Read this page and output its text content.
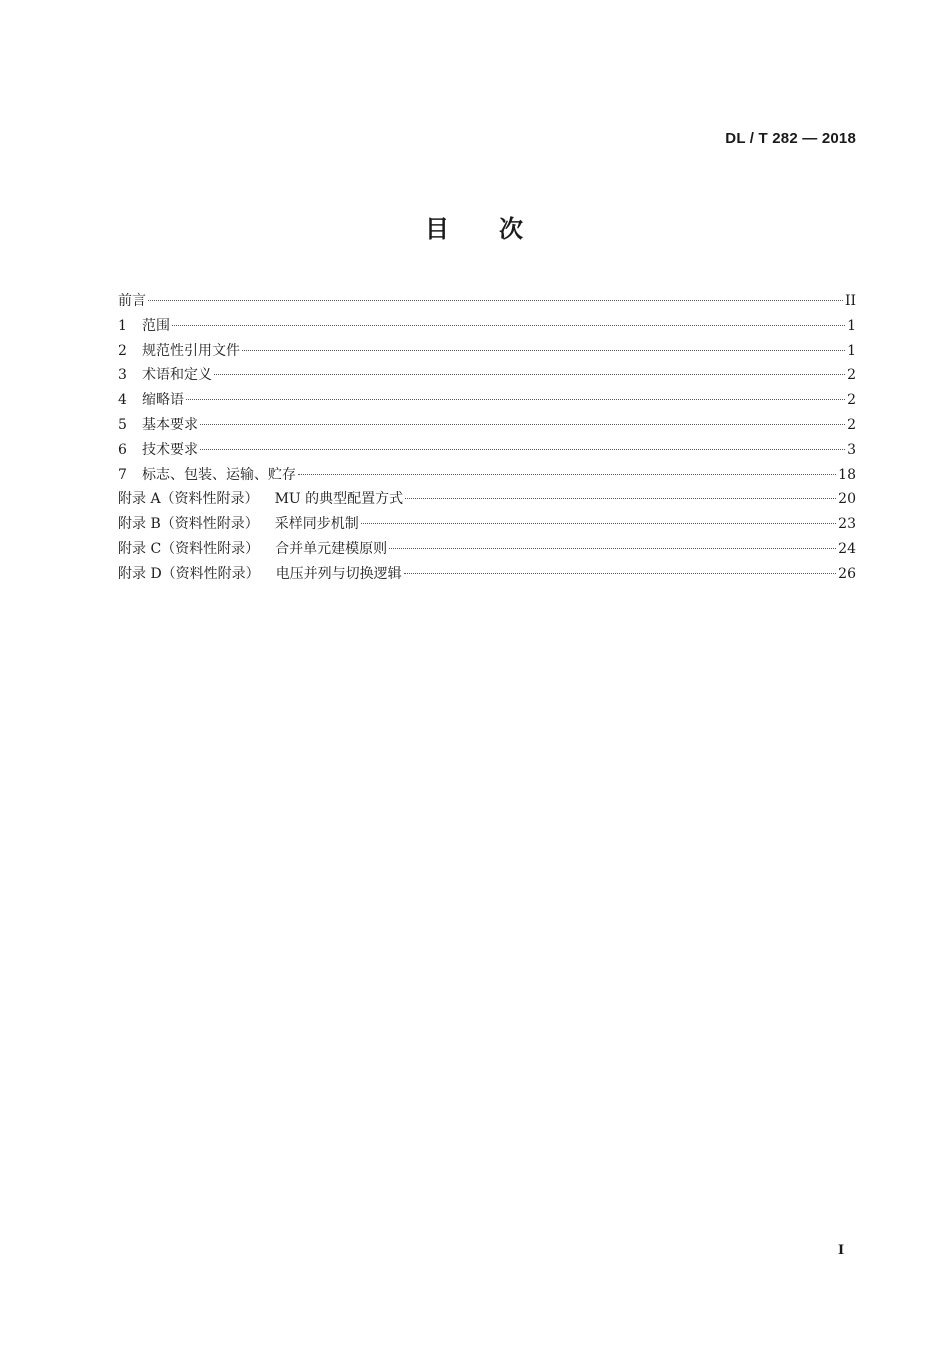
DL / T 282 — 2018
目 次
前言	II
1	范围	1
2	规范性引用文件	1
3	术语和定义	2
4	缩略语	2
5	基本要求	2
6	技术要求	3
7	标志、包装、运输、贮存	18
附录 A（资料性附录） MU 的典型配置方式	20
附录 B（资料性附录） 采样同步机制	23
附录 C（资料性附录） 合并单元建模原则	24
附录 D（资料性附录） 电压并列与切换逻辑	26
I
